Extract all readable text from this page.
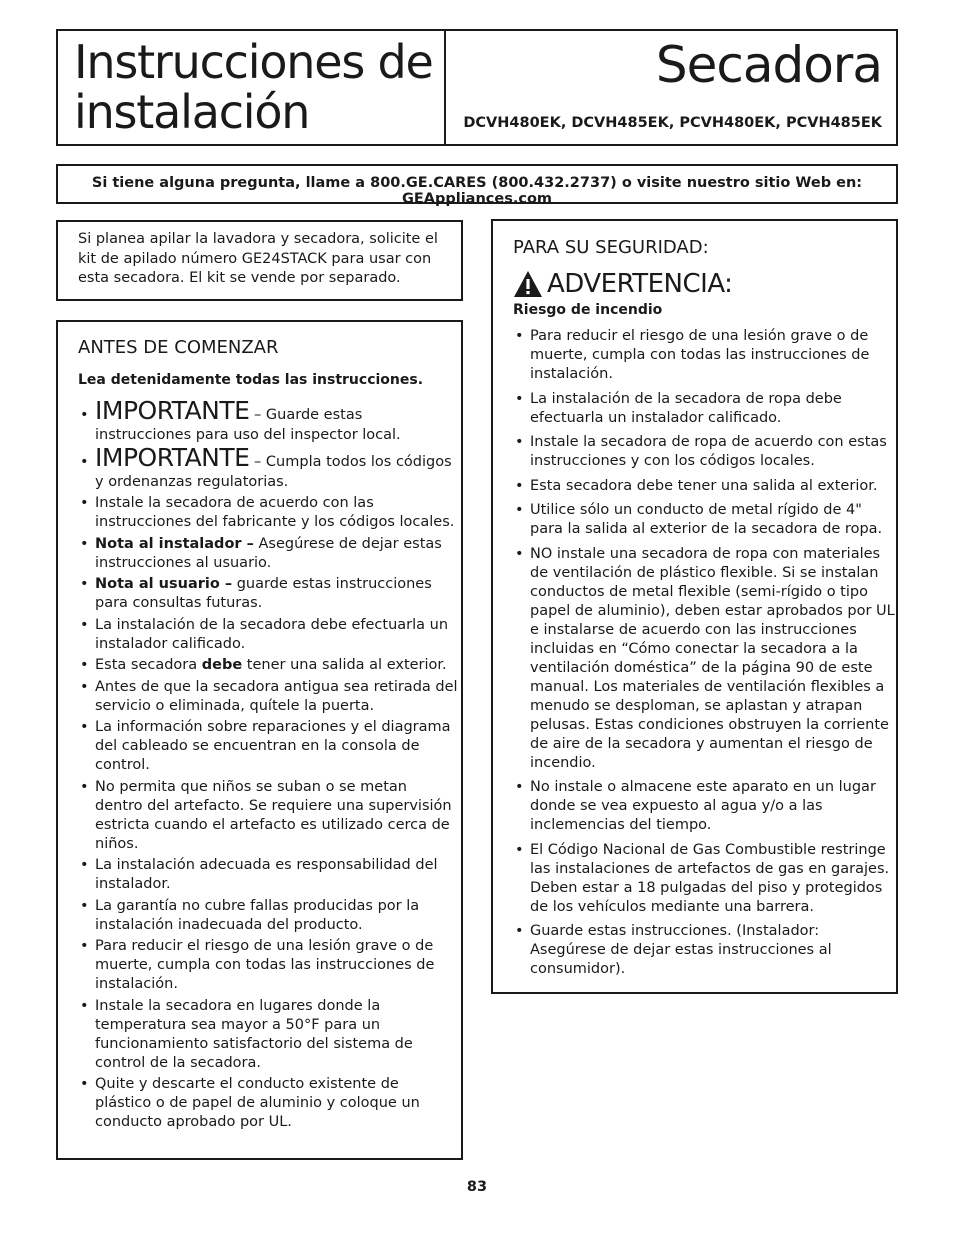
Instrucciones de instalación
Secadora
DCVH480EK, DCVH485EK, PCVH480EK, PCVH485EK
Si tiene alguna pregunta, llame a 800.GE.CARES (800.432.2737) o visite nuestro sitio Web en: GEAppliances.com

Si planea apilar la lavadora y secadora, solicite el kit de apilado número GE24STACK para usar con esta secadora. El kit se vende por separado.

ANTES DE COMENZAR

Lea detenidamente todas las instrucciones.

• IMPORTANTE – Guarde estas instrucciones para uso del inspector local.
• IMPORTANTE – Cumpla todos los códigos y ordenanzas regulatorias.
• Instale la secadora de acuerdo con las instrucciones del fabricante y los códigos locales.
• Nota al instalador – Asegúrese de dejar estas instrucciones al usuario.
• Nota al usuario – guarde estas instrucciones para consultas futuras.
• La instalación de la secadora debe efectuarla un instalador calificado.
• Esta secadora debe tener una salida al exterior.
• Antes de que la secadora antigua sea retirada del servicio o eliminada, quítele la puerta.
• La información sobre reparaciones y el diagrama del cableado se encuentran en la consola de control.
• No permita que niños se suban o se metan dentro del artefacto. Se requiere una supervisión estricta cuando el artefacto es utilizado cerca de niños.
• La instalación adecuada es responsabilidad del instalador.
• La garantía no cubre fallas producidas por la instalación inadecuada del producto.
• Para reducir el riesgo de una lesión grave o de muerte, cumpla con todas las instrucciones de instalación.
• Instale la secadora en lugares donde la temperatura sea mayor a 50°F para un funcionamiento satisfactorio del sistema de control de la secadora.
• Quite y descarte el conducto existente de plástico o de papel de aluminio y coloque un conducto aprobado por UL.
PARA SU SEGURIDAD:
ADVERTENCIA:

Riesgo de incendio

• Para reducir el riesgo de una lesión grave o de muerte, cumpla con todas las instrucciones de instalación.
• La instalación de la secadora de ropa debe efectuarla un instalador calificado.
• Instale la secadora de ropa de acuerdo con estas instrucciones y con los códigos locales.
• Esta secadora debe tener una salida al exterior.
• Utilice sólo un conducto de metal rígido de 4" para la salida al exterior de la secadora de ropa.
• NO instale una secadora de ropa con materiales de ventilación de plástico flexible. Si se instalan conductos de metal flexible (semi-rígido o tipo papel de aluminio), deben estar aprobados por UL e instalarse de acuerdo con las instrucciones incluidas en “Cómo conectar la secadora a la ventilación doméstica” de la página 90 de este manual. Los materiales de ventilación flexibles a menudo se desploman, se aplastan y atrapan pelusas. Estas condiciones obstruyen la corriente de aire de la secadora y aumentan el riesgo de incendio.
• No instale o almacene este aparato en un lugar donde se vea expuesto al agua y/o a las inclemencias del tiempo.
• El Código Nacional de Gas Combustible restringe las instalaciones de artefactos de gas en garajes. Deben estar a 18 pulgadas del piso y protegidos de los vehículos mediante una barrera.
• Guarde estas instrucciones. (Instalador: Asegúrese de dejar estas instrucciones al consumidor).
83
